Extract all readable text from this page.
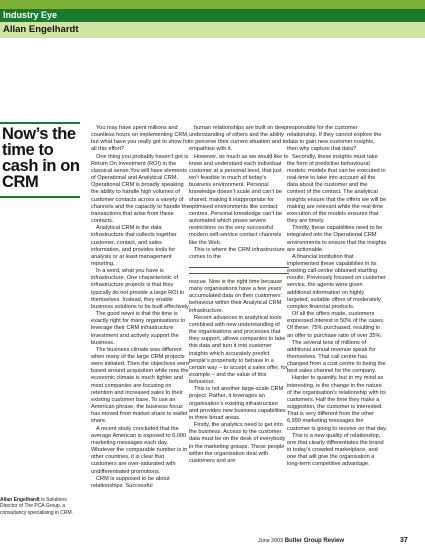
Industry Eye
Allan Engelhardt
Now’s the time to cash in on CRM
Allan Engelhardt is Solutions Director of The PCA Group, a consultancy specialising in CRM.

You may have spent millions and countless hours on implementing CRM, but what have you really got to show for all this effort?

One thing you probably haven’t got is Return On Investment (ROI) in the classical sense.You will have elements of Operational and Analytical CRM. Operational CRM is broadly speaking the ability to handle high volumes of customer contacts across a variety of channels and the capacity to handle the transactions that arise from these contacts.

Analytical CRM is the data infrastructure that collects together customer, contact, and sales information, and provides tools for analysis or at least management reporting.

In a word, what you have is infrastructure. One characteristic of infrastructure projects is that they typically do not provide a large ROI in themselves. Instead, they enable business solutions to be built effectively.

The good news is that the time is exactly right for many organisations to leverage their CRM infrastructure investment and actively support the business.

The business climate was different when many of the large CRM projects were initiated. Then the objectives were based around acquisition while now the economic climate is much tighter and most companies are focusing on retention and increased sales to their existing customer base. To use an American phrase, the business focus has moved from market share to wallet share.

A recent study concluded that the average American is exposed to 6,000 marketing messages each day. Whatever the comparable number is in other countries, it is clear that customers are over-saturated with undifferentiated promotions.

CRM is supposed to be about relationships. Successful

human relationships are built on deep understanding of others and the ability to perceive their current situation and to empathise with it.

However, as much as we would like to know and understand each individual customer at a personal level, that just isn’t feasible in much of today’s business environment. Personal knowledge doesn’t scale and can’t be shared, making it inappropriate for optimised environments like contact centres. Personal knowledge can’t be automated which poses severe restrictions on the very successful modern self-service contact channels like the Web.

This is where the CRM infrastructure comes to the

rescue. Now is the right time because many organisations have a few years’ accumulated data on their customers’ behaviour within their Analytical CRM infrastructure.

Recent advances in analytical tools combined with new understanding of the organisations and processes that they support, allows companies to take this data and turn it into customer insights which accurately predict people’s propensity to behave in a certain way – to accept a sales offer, for example – and the value of this behaviour.

This is not another large-scale CRM project. Rather, it leverages an organisation’s existing infrastructure and provides new business capabilities in three broad areas.

Firstly, the analytics need to get into the business. Access to the customer data must be on the desk of everybody in the marketing groups. These people within the organisation deal with customers and are

responsible for the customer relationship. If they cannot explore the data to gain new customer insights, then why capture that data?

Secondly, these insights must take the form of predictive behavioural models; models that can be executed in real-time to take into account all the data about the customer and the context of the contact. The analytical insights ensure that the offers we will be making are relevant while the real-time execution of the models ensures that they are timely.

Thirdly, these capabilities need to be integrated into the Operational CRM environments to ensure that the insights are actionable.

A financial institution that implemented these capabilities in its existing call centre obtained startling results. Previously focused on customer service, the agents were given additional information on highly targeted, suitable offers of moderately complex financial products.

Of all the offers made, customers expressed interest in 50% of the cases. Of these, 75% purchased, resulting in an offer to purchase ratio of over 35%.

The several tens of millions of additional annual revenue speak for themselves. That call centre has changed from a cost centre to being the best sales channel for the company.

Harder to quantify, but to my mind as interesting, is the change in the nature of the organisation’s relationship with its customers. Half the time they make a suggestion, the customer is interested. That is very different from the other 6,999 marketing messages the customer is going to receive on that day.

This is a new quality of relationship, one that clearly differentiates the brand in today’s crowded marketplace, and one that will give the organisation a long-term competitive advantage.

June 2003 Butler Group Review	37
